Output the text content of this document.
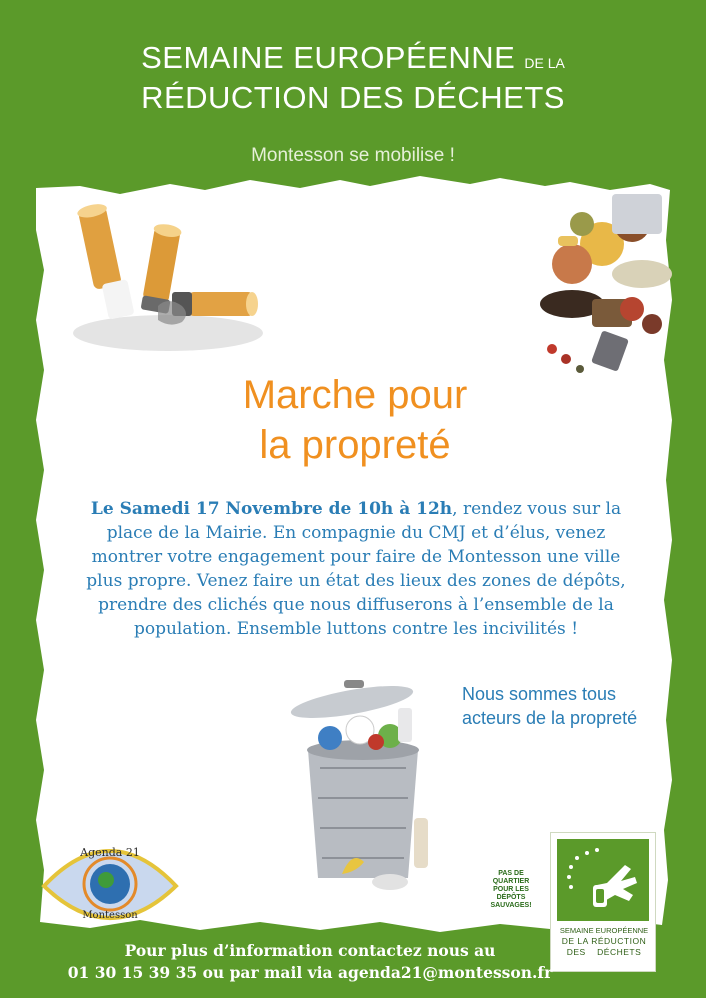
SEMAINE EUROPÉENNE DE LA
RÉDUCTION DES DÉCHETS
Montesson se mobilise !
Marche pour
la propreté
Le Samedi 17 Novembre de 10h à 12h, rendez vous sur la place de la Mairie. En compagnie du CMJ et d’élus, venez montrer votre engagement pour faire de Montesson une ville plus propre. Venez faire un état des lieux des zones de dépôts, prendre des clichés que nous diffuserons à l’ensemble de la population. Ensemble luttons contre les incivilités !
Nous sommes tous acteurs de la propreté
Agenda 21
Montesson
PAS DE QUARTIER POUR LES DÉPÔTS SAUVAGES!
SEMAINE EUROPÉENNE
DE LA RÉDUCTION
DES DÉCHETS
Pour plus d’information contactez nous au
01 30 15 39 35 ou par mail via agenda21@montesson.fr
